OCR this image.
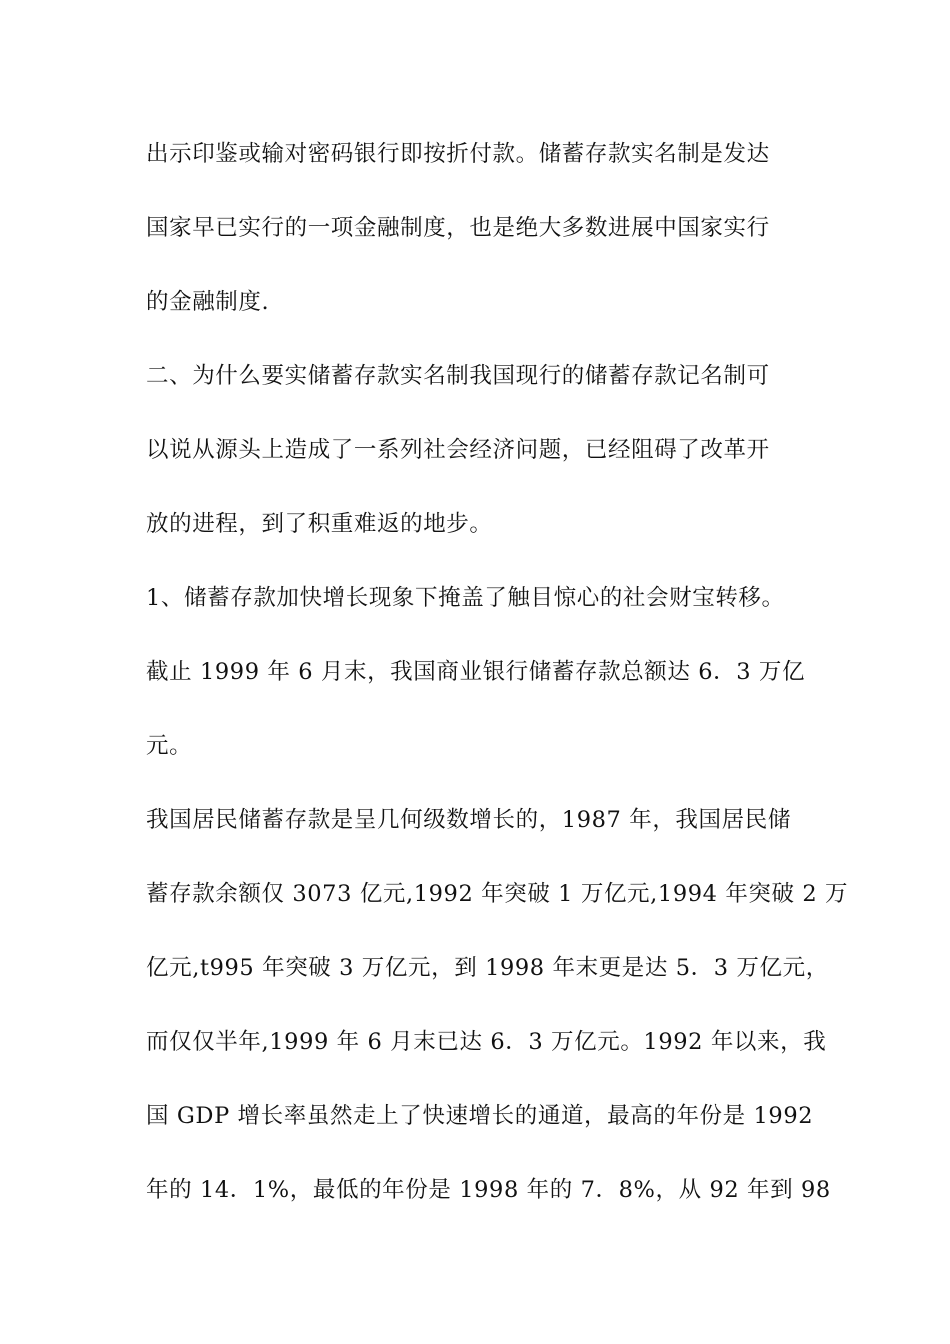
出示印鉴或输对密码银行即按折付款。储蓄存款实名制是发达
国家早已实行的一项金融制度，也是绝大多数进展中国家实行
的金融制度.
二、为什么要实储蓄存款实名制我国现行的储蓄存款记名制可
以说从源头上造成了一系列社会经济问题，已经阻碍了改革开
放的进程，到了积重难返的地步。
1、储蓄存款加快增长现象下掩盖了触目惊心的社会财宝转移。
截止 1999 年 6 月末，我国商业银行储蓄存款总额达 6．3 万亿
元。
我国居民储蓄存款是呈几何级数增长的，1987 年，我国居民储
蓄存款余额仅 3073 亿元,1992 年突破 1 万亿元,1994 年突破 2 万
亿元,t995 年突破 3 万亿元，到 1998 年末更是达 5．3 万亿元，
而仅仅半年,1999 年 6 月末已达 6．3 万亿元。1992 年以来，我
国 GDP 增长率虽然走上了快速增长的通道，最高的年份是 1992
年的 14．1%，最低的年份是 1998 年的 7．8%，从 92 年到 98
